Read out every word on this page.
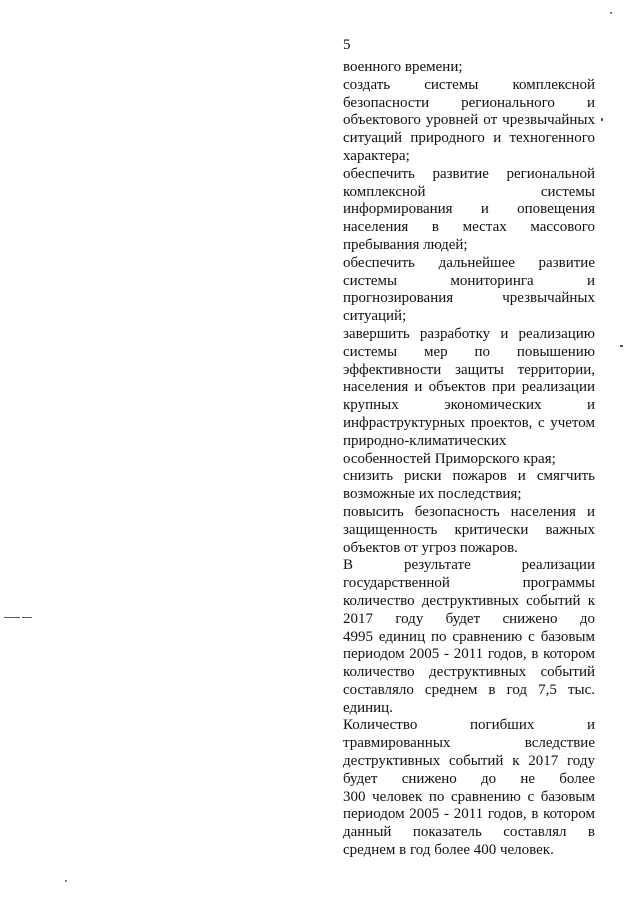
5
военного времени;
создать системы комплексной
безопасности регионального и
объектового уровней от чрезвычайных
ситуаций природного и техногенного
характера;
обеспечить развитие региональной
комплексной системы
информирования и оповещения
населения в местах массового
пребывания людей;
обеспечить дальнейшее развитие
системы мониторинга и
прогнозирования чрезвычайных
ситуаций;
завершить разработку и реализацию
системы мер по повышению
эффективности защиты территории,
населения и объектов при реализации
крупных экономических и
инфраструктурных проектов, с учетом
природно-климатических
особенностей Приморского края;
снизить риски пожаров и смягчить
возможные их последствия;
повысить безопасность населения и
защищенность критически важных
объектов от угроз пожаров.
В результате реализации
государственной программы
количество деструктивных событий к
2017 году будет снижено до
4995 единиц по сравнению с базовым
периодом 2005 - 2011 годов, в котором
количество деструктивных событий
составляло среднем в год 7,5 тыс.
единиц.
Количество погибших и
травмированных вследствие
деструктивных событий к 2017 году
будет снижено до не более
300 человек по сравнению с базовым
периодом 2005 - 2011 годов, в котором
данный показатель составлял в
среднем в год более 400 человек.
